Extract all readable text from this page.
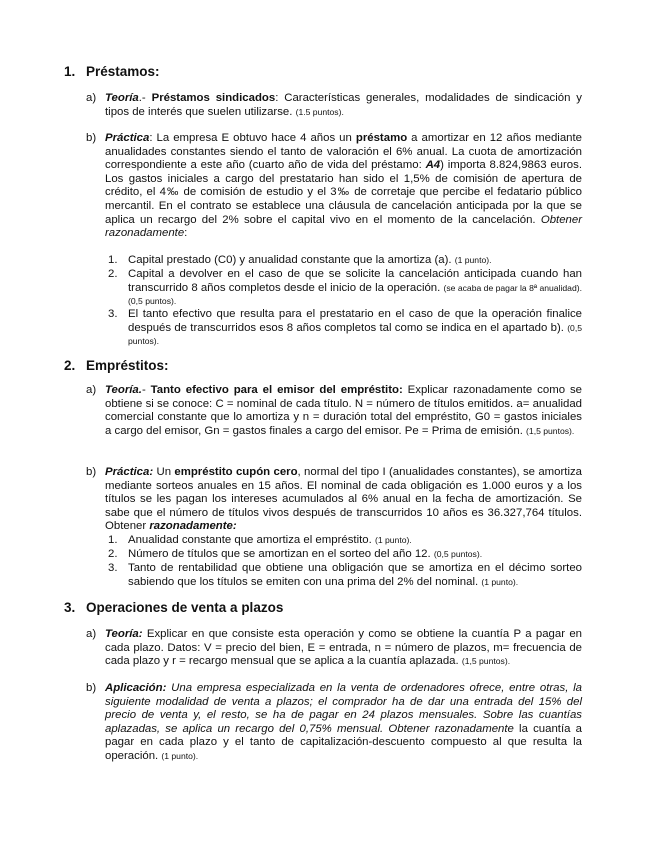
1. Préstamos:
a) Teoría.- Préstamos sindicados: Características generales, modalidades de sindicación y tipos de interés que suelen utilizarse. (1.5 puntos).
b) Práctica: La empresa E obtuvo hace 4 años un préstamo a amortizar en 12 años mediante anualidades constantes siendo el tanto de valoración el 6% anual. La cuota de amortización correspondiente a este año (cuarto año de vida del préstamo: A4) importa 8.824,9863 euros. Los gastos iniciales a cargo del prestatario han sido el 1,5% de comisión de apertura de crédito, el 4‰ de comisión de estudio y el 3‰ de corretaje que percibe el fedatario público mercantil. En el contrato se establece una cláusula de cancelación anticipada por la que se aplica un recargo del 2% sobre el capital vivo en el momento de la cancelación. Obtener razonadamente:
1. Capital prestado (C0) y anualidad constante que la amortiza (a). (1 punto).
2. Capital a devolver en el caso de que se solicite la cancelación anticipada cuando han transcurrido 8 años completos desde el inicio de la operación. (se acaba de pagar la 8ª anualidad). (0,5 puntos).
3. El tanto efectivo que resulta para el prestatario en el caso de que la operación finalice después de transcurridos esos 8 años completos tal como se indica en el apartado b). (0,5 puntos).
2. Empréstitos:
a) Teoría.- Tanto efectivo para el emisor del empréstito: Explicar razonadamente como se obtiene si se conoce: C = nominal de cada título. N = número de títulos emitidos. a= anualidad comercial constante que lo amortiza y n = duración total del empréstito, G0 = gastos iniciales a cargo del emisor, Gn = gastos finales a cargo del emisor. Pe = Prima de emisión. (1,5 puntos).
b) Práctica: Un empréstito cupón cero, normal del tipo I (anualidades constantes), se amortiza mediante sorteos anuales en 15 años. El nominal de cada obligación es 1.000 euros y a los títulos se les pagan los intereses acumulados al 6% anual en la fecha de amortización. Se sabe que el número de títulos vivos después de transcurridos 10 años es 36.327,764 títulos. Obtener razonadamente:
1. Anualidad constante que amortiza el empréstito. (1 punto).
2. Número de títulos que se amortizan en el sorteo del año 12. (0,5 puntos).
3. Tanto de rentabilidad que obtiene una obligación que se amortiza en el décimo sorteo sabiendo que los títulos se emiten con una prima del 2% del nominal. (1 punto).
3. Operaciones de venta a plazos
a) Teoría: Explicar en que consiste esta operación y como se obtiene la cuantía P a pagar en cada plazo. Datos: V = precio del bien, E = entrada, n = número de plazos, m= frecuencia de cada plazo y r = recargo mensual que se aplica a la cuantía aplazada. (1,5 puntos).
b) Aplicación: Una empresa especializada en la venta de ordenadores ofrece, entre otras, la siguiente modalidad de venta a plazos; el comprador ha de dar una entrada del 15% del precio de venta y, el resto, se ha de pagar en 24 plazos mensuales. Sobre las cuantías aplazadas, se aplica un recargo del 0,75% mensual. Obtener razonadamente la cuantía a pagar en cada plazo y el tanto de capitalización-descuento compuesto al que resulta la operación. (1 punto).
